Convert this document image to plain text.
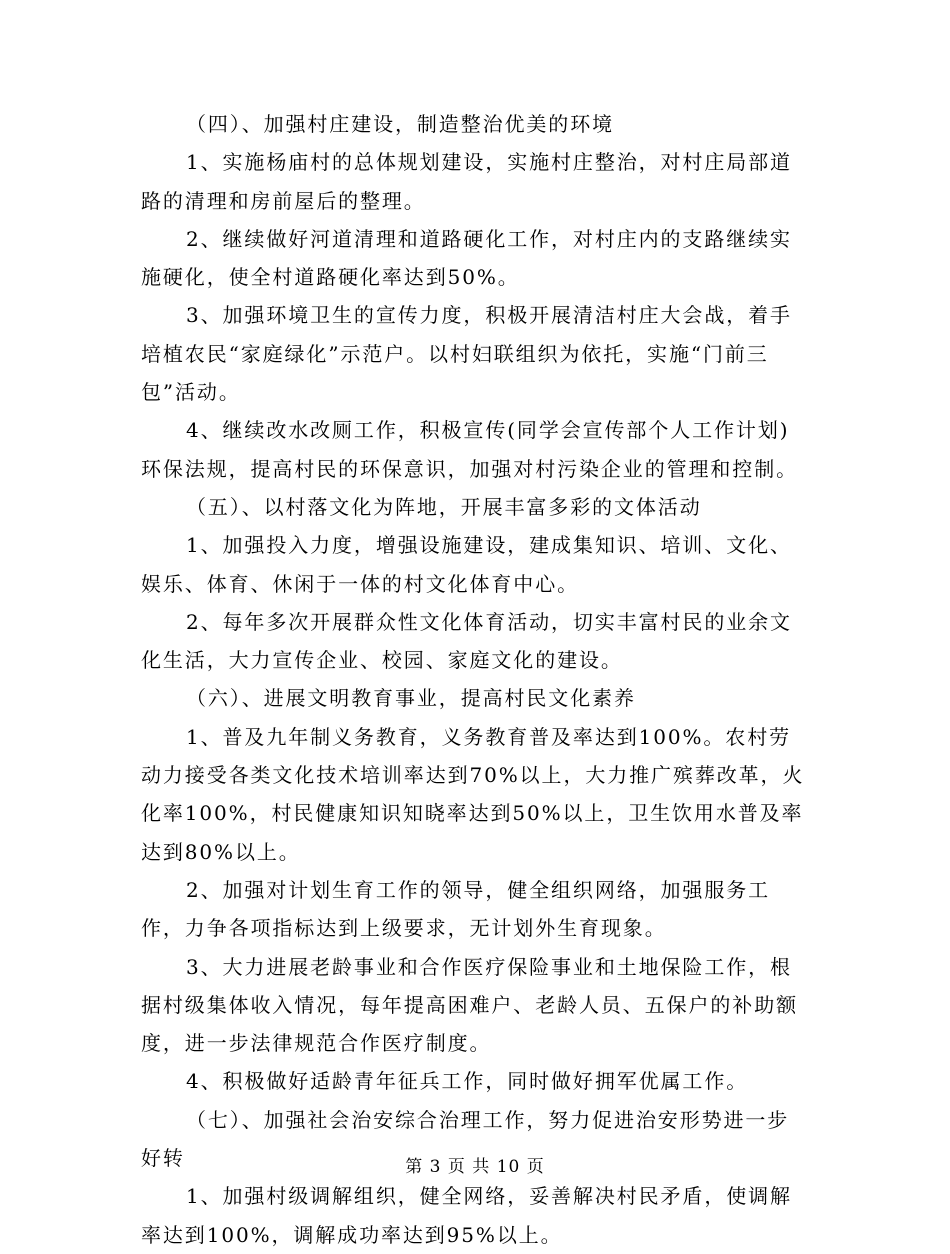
（四）、加强村庄建设，制造整治优美的环境

1、实施杨庙村的总体规划建设，实施村庄整治，对村庄局部道路的清理和房前屋后的整理。

2、继续做好河道清理和道路硬化工作，对村庄内的支路继续实施硬化，使全村道路硬化率达到50%。

3、加强环境卫生的宣传力度，积极开展清洁村庄大会战，着手培植农民“家庭绿化”示范户。以村妇联组织为依托，实施“门前三包”活动。

4、继续改水改厕工作，积极宣传(同学会宣传部个人工作计划)环保法规，提高村民的环保意识，加强对村污染企业的管理和控制。

（五）、以村落文化为阵地，开展丰富多彩的文体活动

1、加强投入力度，增强设施建设，建成集知识、培训、文化、娱乐、体育、休闲于一体的村文化体育中心。

2、每年多次开展群众性文化体育活动，切实丰富村民的业余文化生活，大力宣传企业、校园、家庭文化的建设。

（六）、进展文明教育事业，提高村民文化素养

1、普及九年制义务教育，义务教育普及率达到100%。农村劳动力接受各类文化技术培训率达到70%以上，大力推广殡葬改革，火化率100%，村民健康知识知晓率达到50%以上，卫生饮用水普及率达到80%以上。

2、加强对计划生育工作的领导，健全组织网络，加强服务工作，力争各项指标达到上级要求，无计划外生育现象。

3、大力进展老龄事业和合作医疗保险事业和土地保险工作，根据村级集体收入情况，每年提高困难户、老龄人员、五保户的补助额度，进一步法律规范合作医疗制度。

4、积极做好适龄青年征兵工作，同时做好拥军优属工作。

（七）、加强社会治安综合治理工作，努力促进治安形势进一步好转

1、加强村级调解组织，健全网络，妥善解决村民矛盾，使调解率达到100%，调解成功率达到95%以上。

第 3 页 共 10 页
